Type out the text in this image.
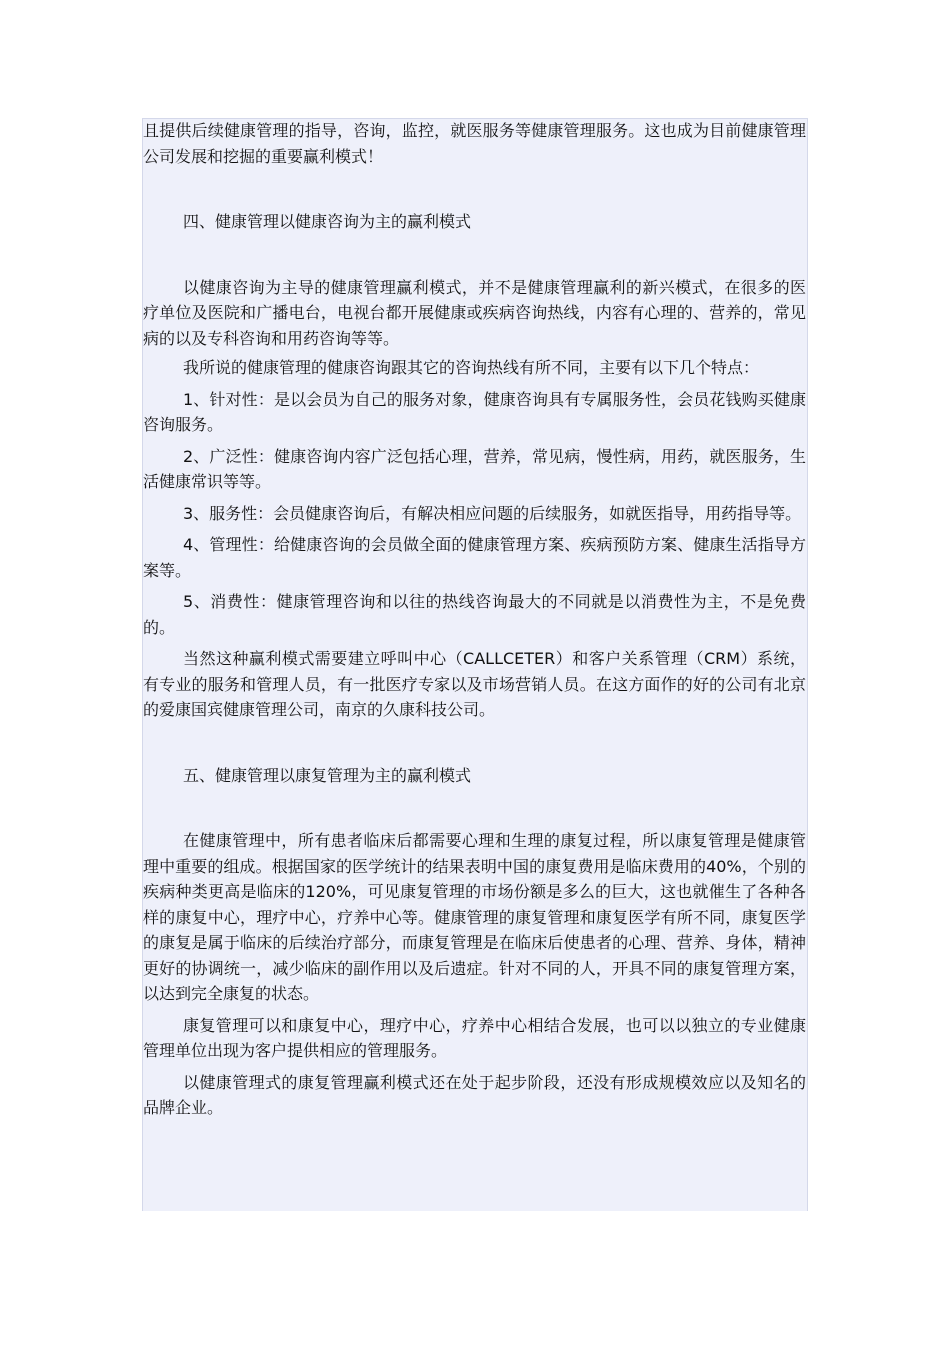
且提供后续健康管理的指导，咨询，监控，就医服务等健康管理服务。这也成为目前健康管理公司发展和挖掘的重要赢利模式！

四、健康管理以健康咨询为主的赢利模式

以健康咨询为主导的健康管理赢利模式，并不是健康管理赢利的新兴模式，在很多的医疗单位及医院和广播电台，电视台都开展健康或疾病咨询热线，内容有心理的、营养的，常见病的以及专科咨询和用药咨询等等。

我所说的健康管理的健康咨询跟其它的咨询热线有所不同，主要有以下几个特点：

1、针对性：是以会员为自己的服务对象，健康咨询具有专属服务性，会员花钱购买健康咨询服务。

2、广泛性：健康咨询内容广泛包括心理，营养，常见病，慢性病，用药，就医服务，生活健康常识等等。

3、服务性：会员健康咨询后，有解决相应问题的后续服务，如就医指导，用药指导等。

4、管理性：给健康咨询的会员做全面的健康管理方案、疾病预防方案、健康生活指导方案等。

5、消费性：健康管理咨询和以往的热线咨询最大的不同就是以消费性为主，不是免费的。

当然这种赢利模式需要建立呼叫中心（CALLCETER）和客户关系管理（CRM）系统，有专业的服务和管理人员，有一批医疗专家以及市场营销人员。在这方面作的好的公司有北京的爱康国宾健康管理公司，南京的久康科技公司。

五、健康管理以康复管理为主的赢利模式

在健康管理中，所有患者临床后都需要心理和生理的康复过程，所以康复管理是健康管理中重要的组成。根据国家的医学统计的结果表明中国的康复费用是临床费用的40%，个别的疾病种类更高是临床的120%，可见康复管理的市场份额是多么的巨大，这也就催生了各种各样的康复中心，理疗中心，疗养中心等。健康管理的康复管理和康复医学有所不同，康复医学的康复是属于临床的后续治疗部分，而康复管理是在临床后使患者的心理、营养、身体，精神更好的协调统一，减少临床的副作用以及后遗症。针对不同的人，开具不同的康复管理方案，以达到完全康复的状态。

康复管理可以和康复中心，理疗中心，疗养中心相结合发展，也可以以独立的专业健康管理单位出现为客户提供相应的管理服务。

以健康管理式的康复管理赢利模式还在处于起步阶段，还没有形成规模效应以及知名的品牌企业。
